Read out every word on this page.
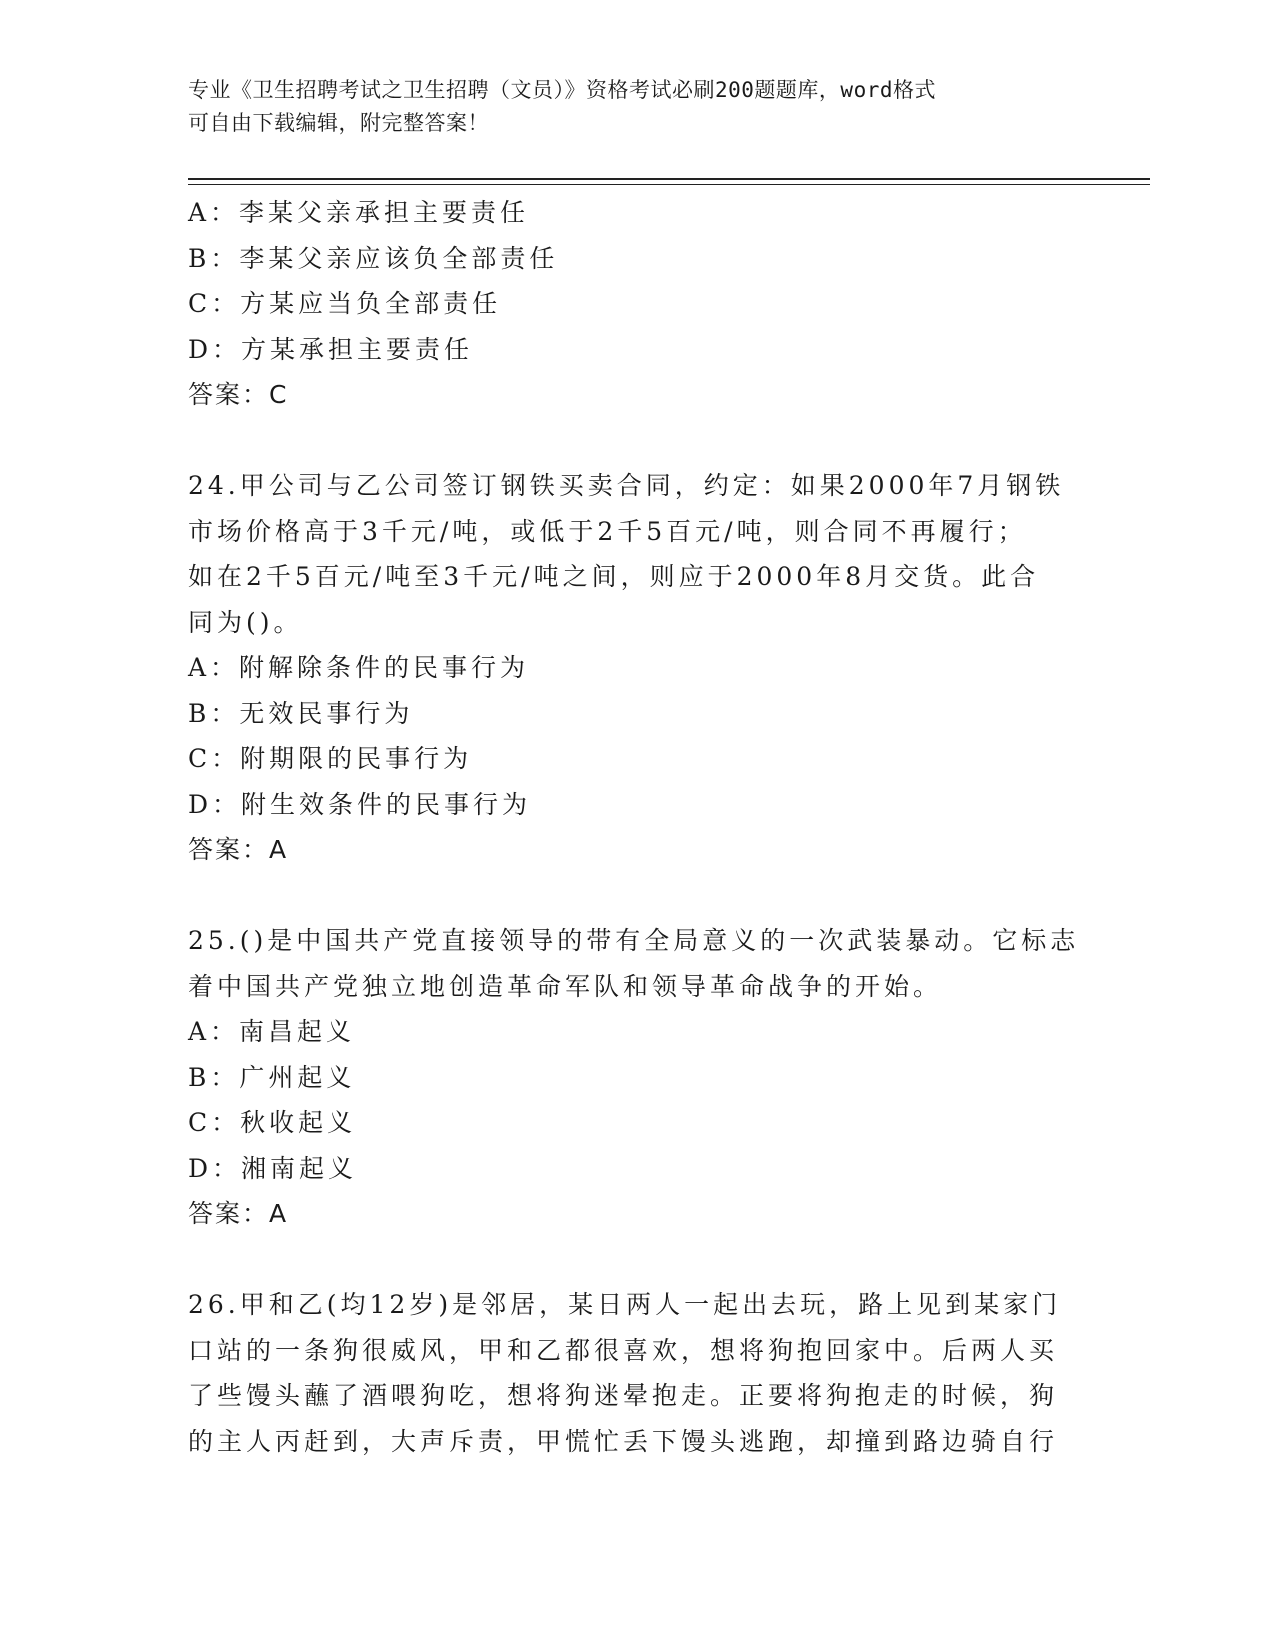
专业《卫生招聘考试之卫生招聘（文员）》资格考试必刷200题题库，word格式
可自由下载编辑，附完整答案！
A：李某父亲承担主要责任
B：李某父亲应该负全部责任
C：方某应当负全部责任
D：方某承担主要责任
答案：C
24.甲公司与乙公司签订钢铁买卖合同，约定：如果2000年7月钢铁
市场价格高于3千元/吨，或低于2千5百元/吨，则合同不再履行；
如在2千5百元/吨至3千元/吨之间，则应于2000年8月交货。此合
同为()。
A：附解除条件的民事行为
B：无效民事行为
C：附期限的民事行为
D：附生效条件的民事行为
答案：A
25.()是中国共产党直接领导的带有全局意义的一次武装暴动。它标志
着中国共产党独立地创造革命军队和领导革命战争的开始。
A：南昌起义
B：广州起义
C：秋收起义
D：湘南起义
答案：A
26.甲和乙(均12岁)是邻居，某日两人一起出去玩，路上见到某家门
口站的一条狗很威风，甲和乙都很喜欢，想将狗抱回家中。后两人买
了些馒头蘸了酒喂狗吃，想将狗迷晕抱走。正要将狗抱走的时候，狗
的主人丙赶到，大声斥责，甲慌忙丢下馒头逃跑，却撞到路边骑自行
